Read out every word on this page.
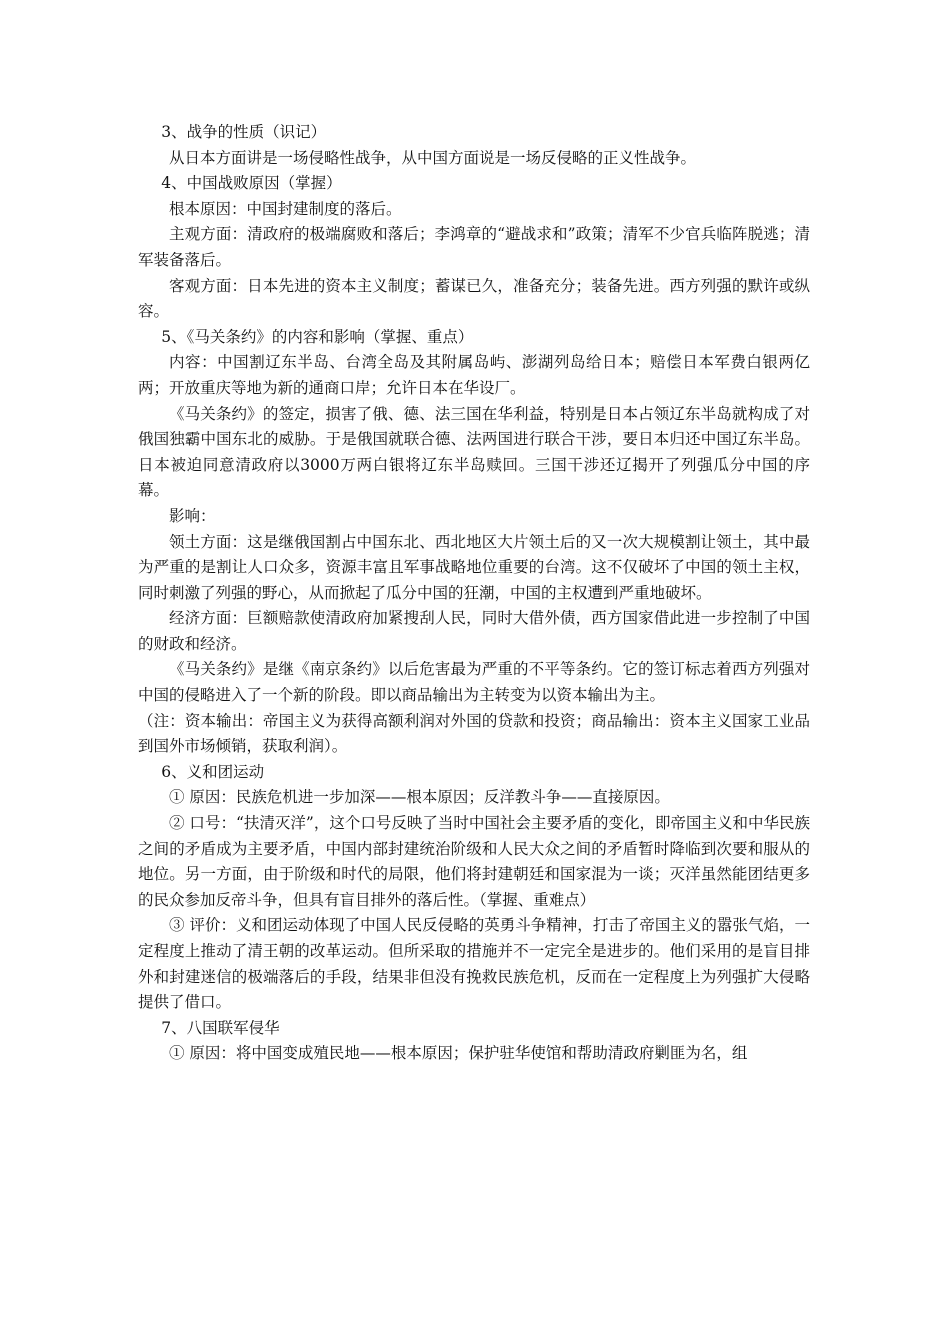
3、战争的性质（识记）

从日本方面讲是一场侵略性战争，从中国方面说是一场反侵略的正义性战争。

4、中国战败原因（掌握）

根本原因：中国封建制度的落后。

主观方面：清政府的极端腐败和落后；李鸿章的“避战求和”政策；清军不少官兵临阵脱逃；清军装备落后。

客观方面：日本先进的资本主义制度；蓄谋已久，准备充分；装备先进。西方列强的默许或纵容。

5、《马关条约》的内容和影响（掌握、重点）

内容：中国割辽东半岛、台湾全岛及其附属岛屿、澎湖列岛给日本；赔偿日本军费白银两亿两；开放重庆等地为新的通商口岸；允许日本在华设厂。

《马关条约》的签定，损害了俄、德、法三国在华利益，特别是日本占领辽东半岛就构成了对俄国独霸中国东北的威胁。于是俄国就联合德、法两国进行联合干涉，要日本归还中国辽东半岛。日本被迫同意清政府以3000万两白银将辽东半岛赎回。三国干涉还辽揭开了列强瓜分中国的序幕。

影响：

领土方面：这是继俄国割占中国东北、西北地区大片领土后的又一次大规模割让领土，其中最为严重的是割让人口众多，资源丰富且军事战略地位重要的台湾。这不仅破坏了中国的领土主权，同时刺激了列强的野心，从而掀起了瓜分中国的狂潮，中国的主权遭到严重地破坏。

经济方面：巨额赔款使清政府加紧搜刮人民，同时大借外债，西方国家借此进一步控制了中国的财政和经济。

《马关条约》是继《南京条约》以后危害最为严重的不平等条约。它的签订标志着西方列强对中国的侵略进入了一个新的阶段。即以商品输出为主转变为以资本输出为主。

（注：资本输出：帝国主义为获得高额利润对外国的贷款和投资；商品输出：资本主义国家工业品到国外市场倾销，获取利润）。

6、义和团运动

① 原因：民族危机进一步加深——根本原因；反洋教斗争——直接原因。

② 口号：“扶清灭洋”，这个口号反映了当时中国社会主要矛盾的变化，即帝国主义和中华民族之间的矛盾成为主要矛盾，中国内部封建统治阶级和人民大众之间的矛盾暂时降临到次要和服从的地位。另一方面，由于阶级和时代的局限，他们将封建朝廷和国家混为一谈；灭洋虽然能团结更多的民众参加反帝斗争，但具有盲目排外的落后性。（掌握、重难点）

③ 评价：义和团运动体现了中国人民反侵略的英勇斗争精神，打击了帝国主义的嚣张气焰，一定程度上推动了清王朝的改革运动。但所采取的措施并不一定完全是进步的。他们采用的是盲目排外和封建迷信的极端落后的手段，结果非但没有挽救民族危机，反而在一定程度上为列强扩大侵略提供了借口。

7、八国联军侵华

① 原因：将中国变成殖民地——根本原因；保护驻华使馆和帮助清政府剿匪为名，组
